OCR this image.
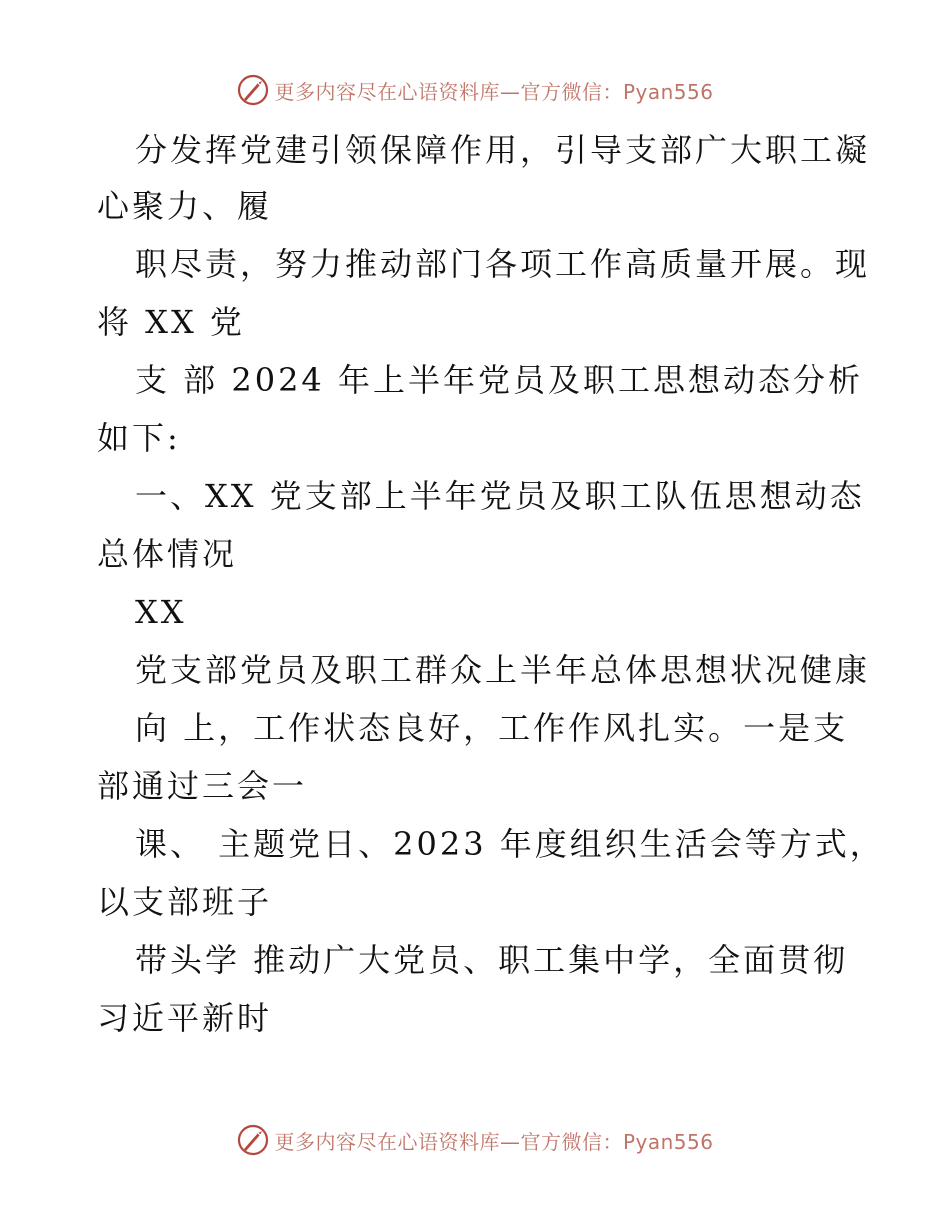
更多内容尽在心语资料库—官方微信：Pyan556
分发挥党建引领保障作用，引导支部广大职工凝
心聚力、履
职尽责，努力推动部门各项工作高质量开展。现
将 XX 党
支 部 2024 年上半年党员及职工思想动态分析
如下:
一、XX 党支部上半年党员及职工队伍思想动态
总体情况
XX
党支部党员及职工群众上半年总体思想状况健康
向 上，工作状态良好，工作作风扎实。一是支
部通过三会一
课、 主题党日、2023 年度组织生活会等方式，
以支部班子
带头学 推动广大党员、职工集中学，全面贯彻
习近平新时
更多内容尽在心语资料库—官方微信：Pyan556
